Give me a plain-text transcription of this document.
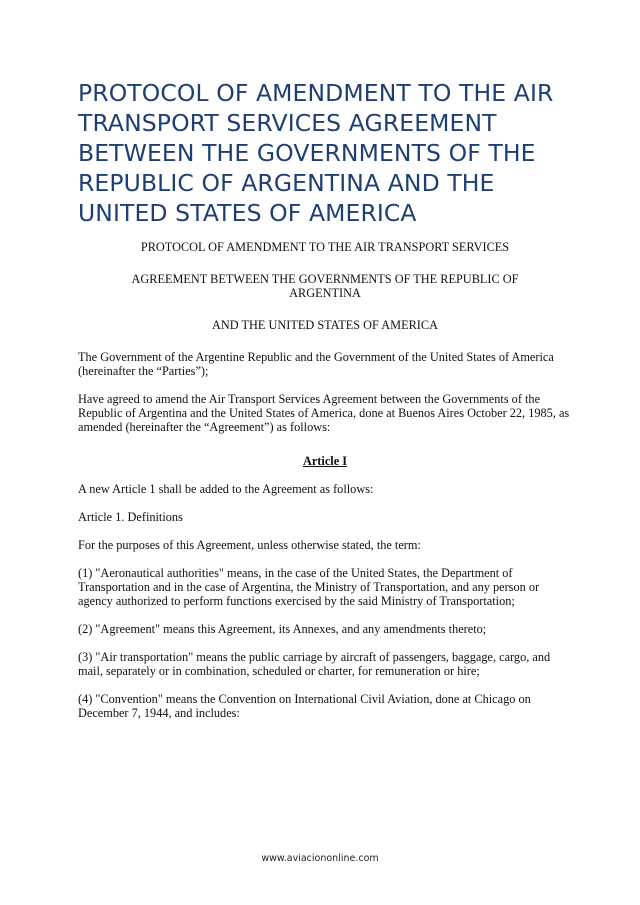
PROTOCOL OF AMENDMENT TO THE AIR TRANSPORT SERVICES AGREEMENT BETWEEN THE GOVERNMENTS OF THE REPUBLIC OF ARGENTINA AND THE UNITED STATES OF AMERICA
PROTOCOL OF AMENDMENT TO THE AIR TRANSPORT SERVICES
AGREEMENT BETWEEN THE GOVERNMENTS OF THE REPUBLIC OF ARGENTINA
AND THE UNITED STATES OF AMERICA

The Government of the Argentine Republic and the Government of the United States of America (hereinafter the “Parties”);

Have agreed to amend the Air Transport Services Agreement between the Governments of the Republic of Argentina and the United States of America, done at Buenos Aires October 22, 1985, as amended (hereinafter the “Agreement”) as follows:

Article I

A new Article 1 shall be added to the Agreement as follows:

Article 1. Definitions

For the purposes of this Agreement, unless otherwise stated, the term:

(1) "Aeronautical authorities" means, in the case of the United States, the Department of Transportation and in the case of Argentina, the Ministry of Transportation, and any person or agency authorized to perform functions exercised by the said Ministry of Transportation;

(2) "Agreement" means this Agreement, its Annexes, and any amendments thereto;

(3) "Air transportation" means the public carriage by aircraft of passengers, baggage, cargo, and mail, separately or in combination, scheduled or charter, for remuneration or hire;

(4) "Convention" means the Convention on International Civil Aviation, done at Chicago on December 7, 1944, and includes:

www.aviaciononline.com
